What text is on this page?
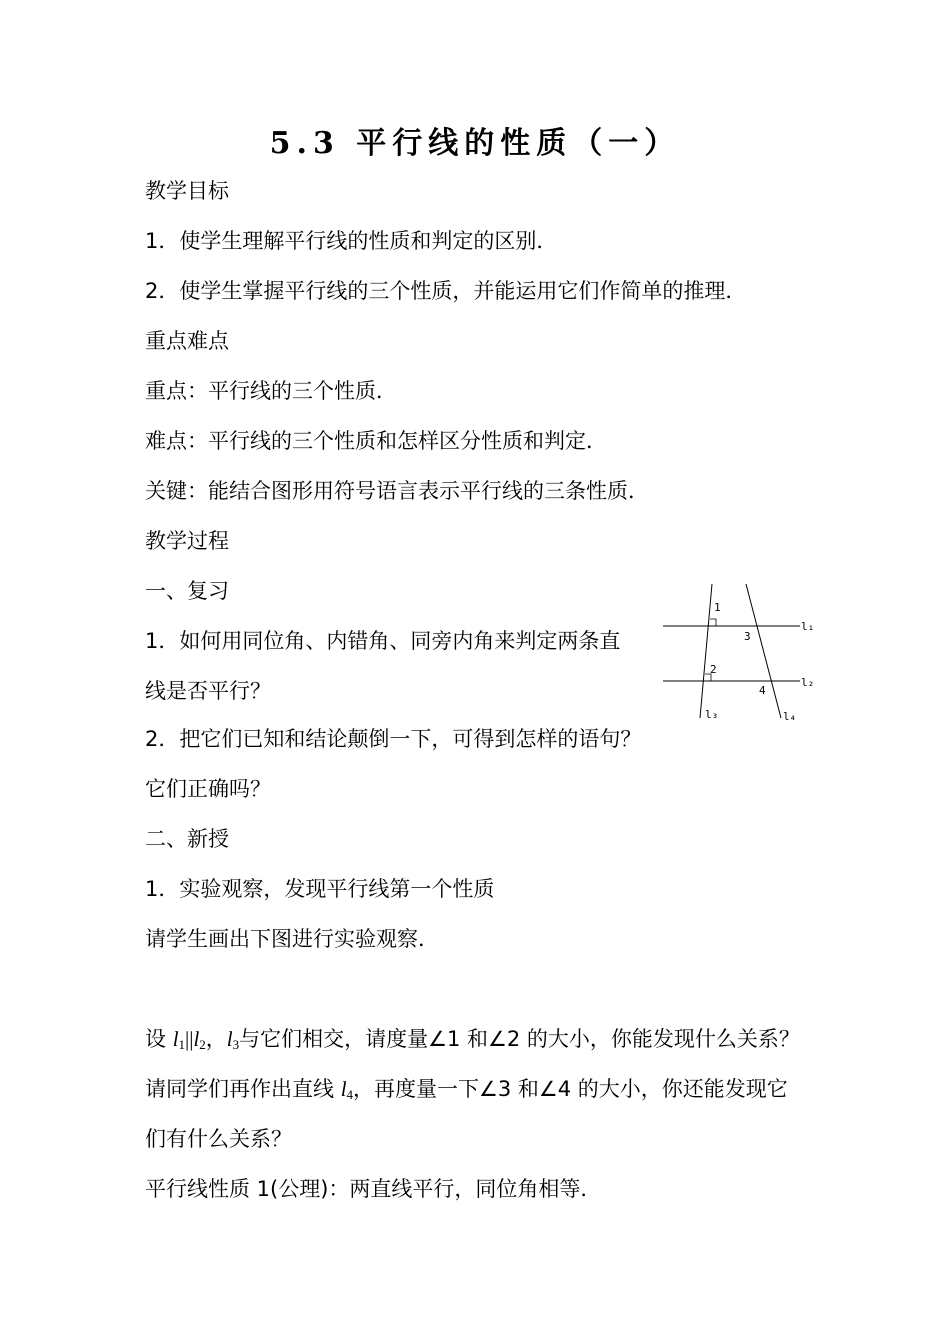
5.3 平行线的性质（一）
教学目标
1．使学生理解平行线的性质和判定的区别．
2．使学生掌握平行线的三个性质，并能运用它们作简单的推理．
重点难点
重点：平行线的三个性质．
难点：平行线的三个性质和怎样区分性质和判定．
关键：能结合图形用符号语言表示平行线的三条性质．
教学过程
一、复习
1．如何用同位角、内错角、同旁内角来判定两条直
线是否平行？
2．把它们已知和结论颠倒一下，可得到怎样的语句？
它们正确吗？
二、新授
1．实验观察，发现平行线第一个性质
请学生画出下图进行实验观察．
设 $l_1||l_2$，$l_3$与它们相交，请度量∠1 和∠2 的大小，你能发现什么关系？
请同学们再作出直线 $l_4$，再度量一下∠3 和∠4 的大小，你还能发现它
们有什么关系？
平行线性质 1(公理)：两直线平行，同位角相等．
1
2
3
4
l₁
l₂
l₃	l₄
